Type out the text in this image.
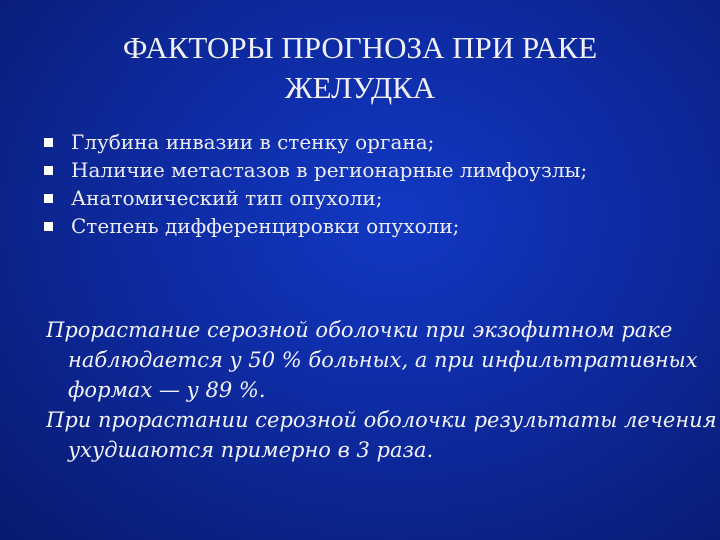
ФАКТОРЫ ПРОГНОЗА ПРИ РАКЕ
ЖЕЛУДКА
Глубина инвазии в стенку органа;
Наличие метастазов в регионарные лимфоузлы;
Анатомический тип опухоли;
Степень дифференцировки опухоли;
Прорастание серозной оболочки при экзофитном раке
наблюдается у 50 % больных, а при инфильтративных
формах — у 89 %.
При прорастании серозной оболочки результаты лечения
ухудшаются примерно в 3 раза.
